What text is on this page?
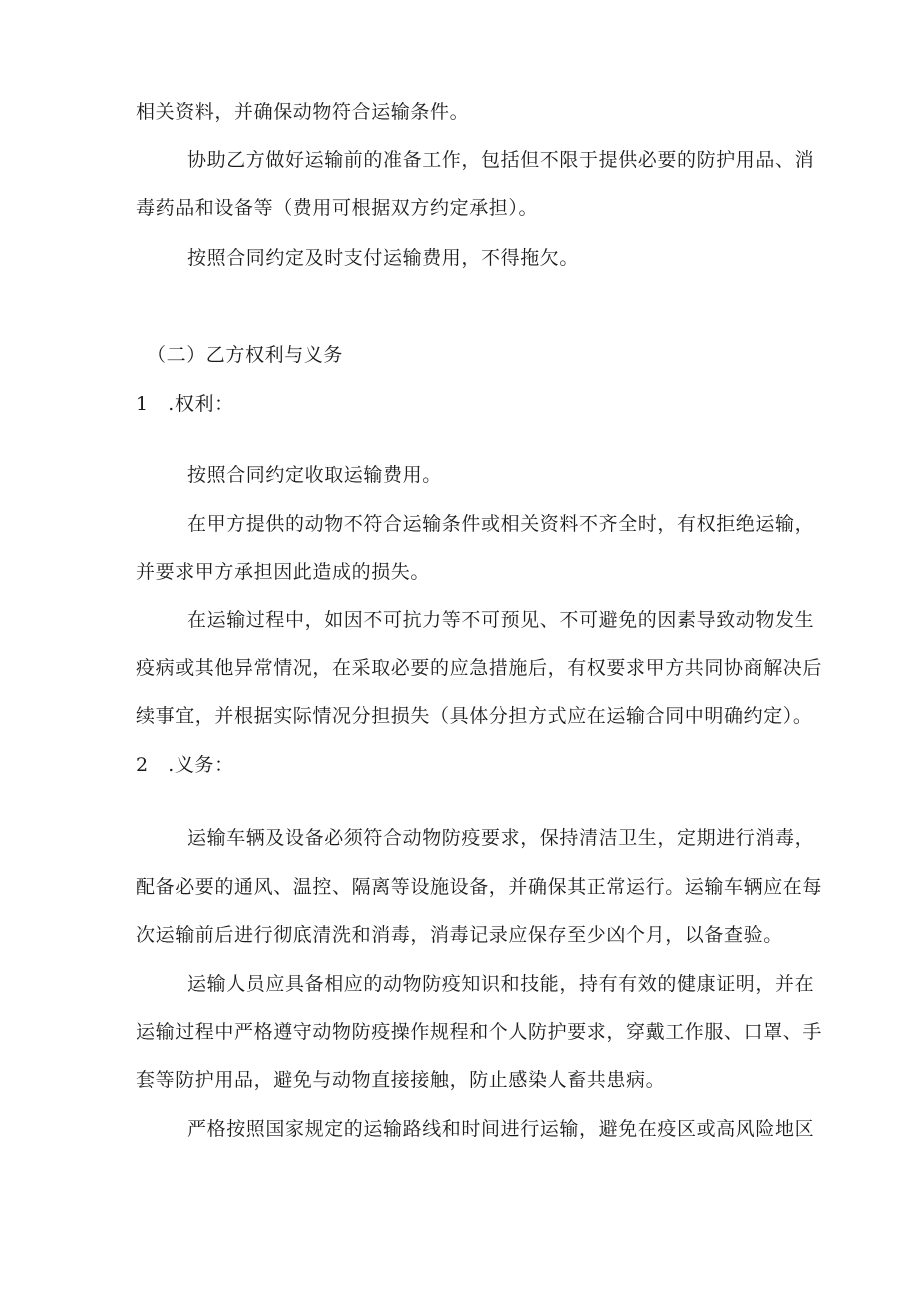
相关资料，并确保动物符合运输条件。
协助乙方做好运输前的准备工作，包括但不限于提供必要的防护用品、消
毒药品和设备等（费用可根据双方约定承担）。
按照合同约定及时支付运输费用，不得拖欠。
（二）乙方权利与义务
1　.权利：
按照合同约定收取运输费用。
在甲方提供的动物不符合运输条件或相关资料不齐全时，有权拒绝运输，
并要求甲方承担因此造成的损失。
在运输过程中，如因不可抗力等不可预见、不可避免的因素导致动物发生
疫病或其他异常情况，在采取必要的应急措施后，有权要求甲方共同协商解决后
续事宜，并根据实际情况分担损失（具体分担方式应在运输合同中明确约定）。
2　.义务：
运输车辆及设备必须符合动物防疫要求，保持清洁卫生，定期进行消毒，
配备必要的通风、温控、隔离等设施设备，并确保其正常运行。运输车辆应在每
次运输前后进行彻底清洗和消毒，消毒记录应保存至少凶个月，以备查验。
运输人员应具备相应的动物防疫知识和技能，持有有效的健康证明，并在
运输过程中严格遵守动物防疫操作规程和个人防护要求，穿戴工作服、口罩、手
套等防护用品，避免与动物直接接触，防止感染人畜共患病。
严格按照国家规定的运输路线和时间进行运输，避免在疫区或高风险地区
